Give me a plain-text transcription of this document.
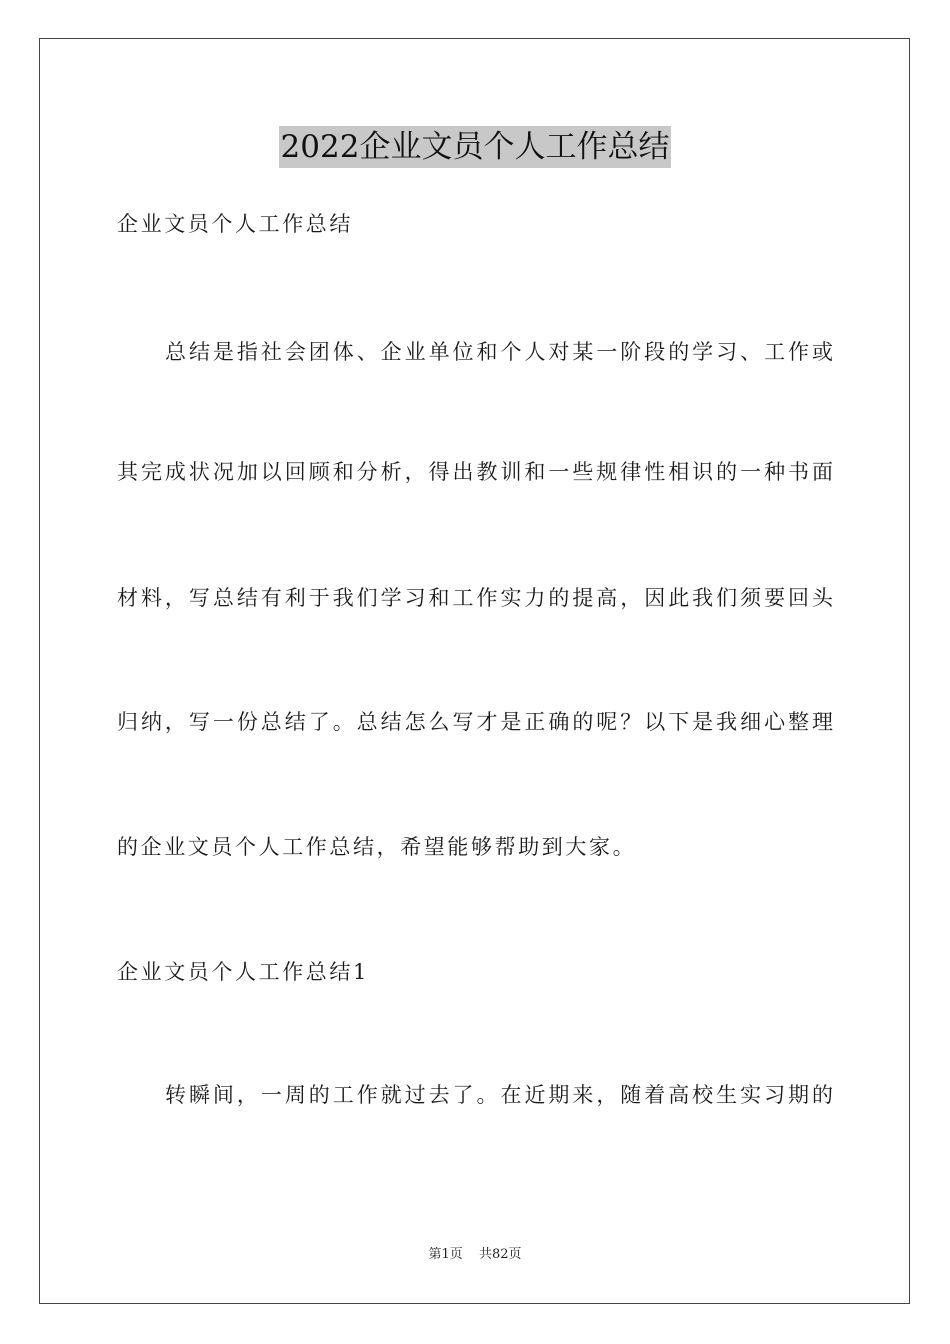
2022企业文员个人工作总结
企业文员个人工作总结
总结是指社会团体、企业单位和个人对某一阶段的学习、工作或
其完成状况加以回顾和分析，得出教训和一些规律性相识的一种书面
材料，写总结有利于我们学习和工作实力的提高，因此我们须要回头
归纳，写一份总结了。总结怎么写才是正确的呢？以下是我细心整理
的企业文员个人工作总结，希望能够帮助到大家。
企业文员个人工作总结1
转瞬间，一周的工作就过去了。在近期来，随着高校生实习期的
第1页 共82页
